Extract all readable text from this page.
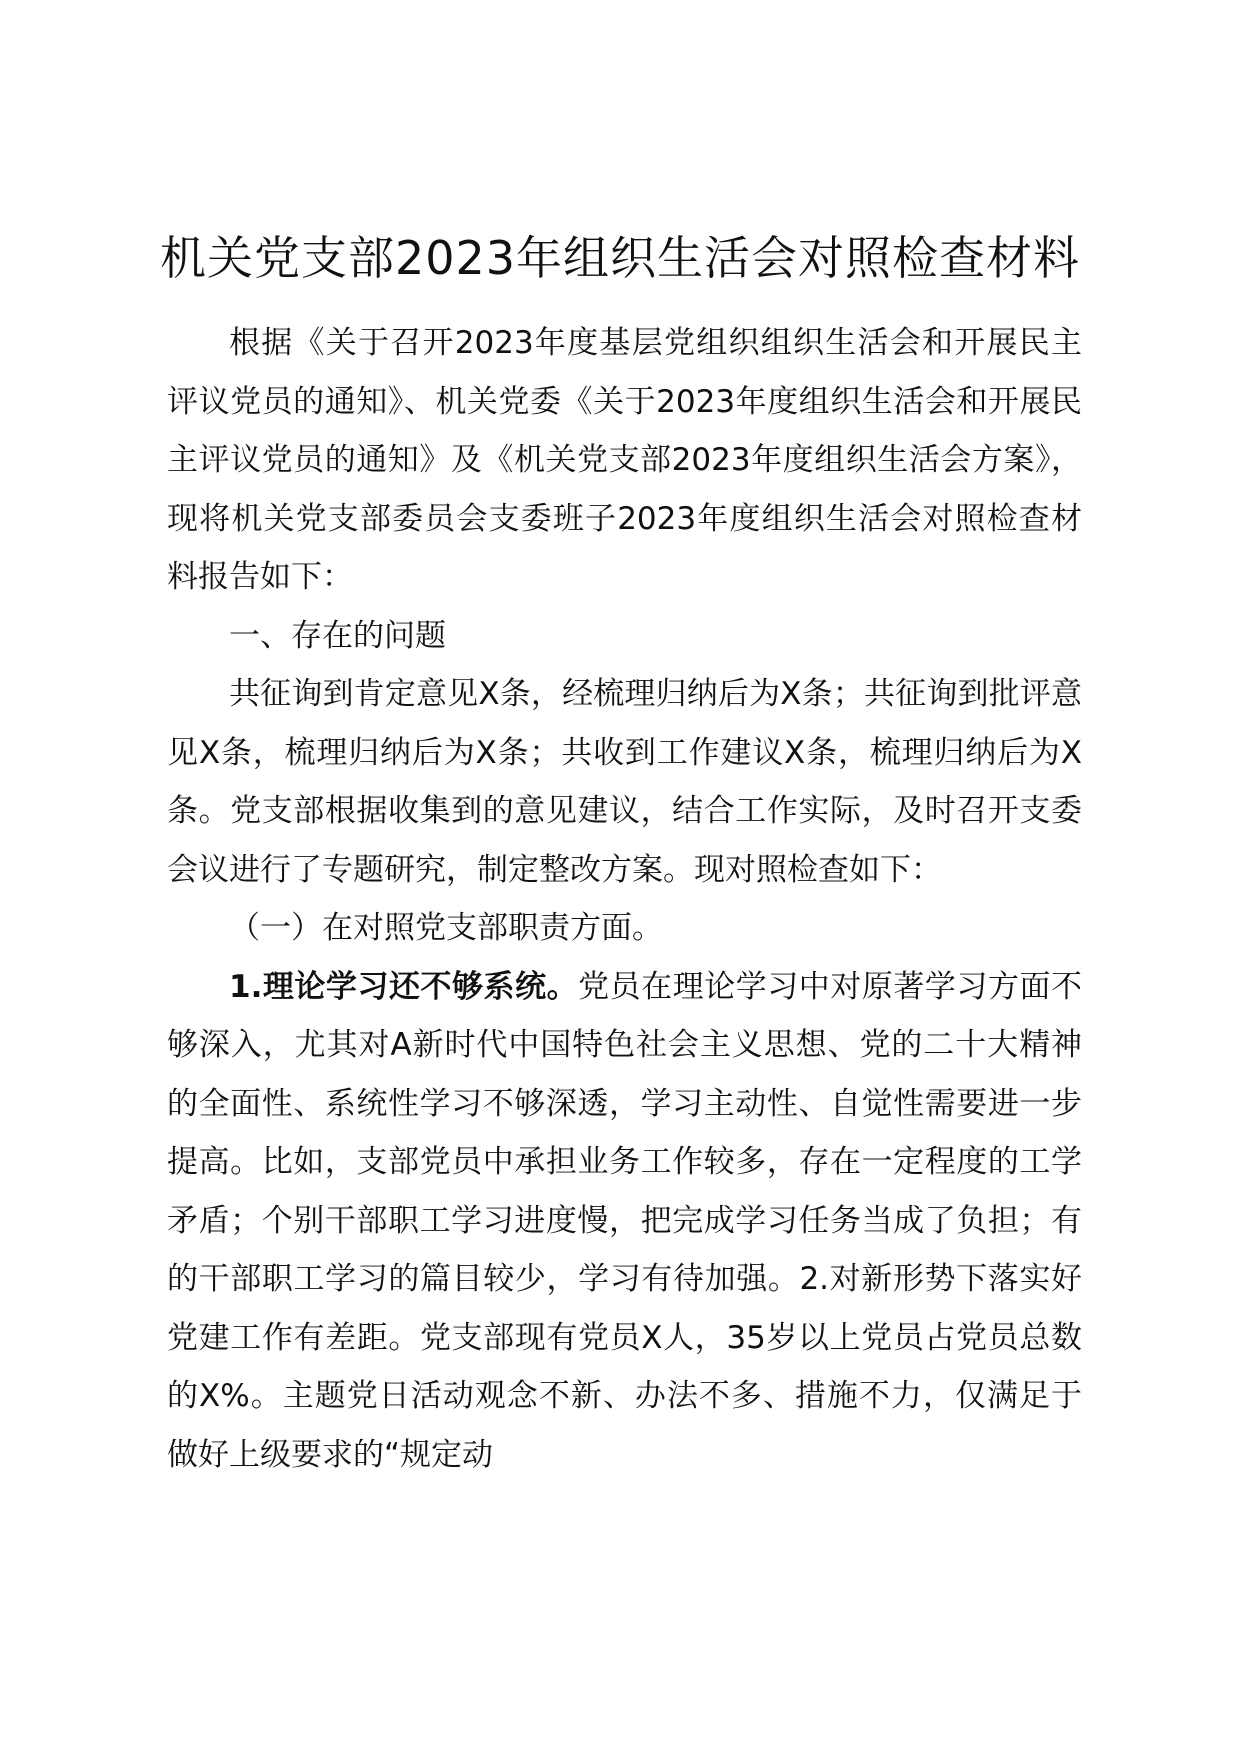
机关党支部2023年组织生活会对照检查材料

根据《关于召开2023年度基层党组织组织生活会和开展民主评议党员的通知》、机关党委《关于2023年度组织生活会和开展民主评议党员的通知》及《机关党支部2023年度组织生活会方案》，现将机关党支部委员会支委班子2023年度组织生活会对照检查材料报告如下：

一、存在的问题

共征询到肯定意见X条，经梳理归纳后为X条；共征询到批评意见X条，梳理归纳后为X条；共收到工作建议X条，梳理归纳后为X条。党支部根据收集到的意见建议，结合工作实际，及时召开支委会议进行了专题研究，制定整改方案。现对照检查如下：

（一）在对照党支部职责方面。

1.理论学习还不够系统。党员在理论学习中对原著学习方面不够深入，尤其对A新时代中国特色社会主义思想、党的二十大精神的全面性、系统性学习不够深透，学习主动性、自觉性需要进一步提高。比如，支部党员中承担业务工作较多，存在一定程度的工学矛盾；个别干部职工学习进度慢，把完成学习任务当成了负担；有的干部职工学习的篇目较少，学习有待加强。2.对新形势下落实好党建工作有差距。党支部现有党员X人，35岁以上党员占党员总数的X%。主题党日活动观念不新、办法不多、措施不力，仅满足于做好上级要求的“规定动
